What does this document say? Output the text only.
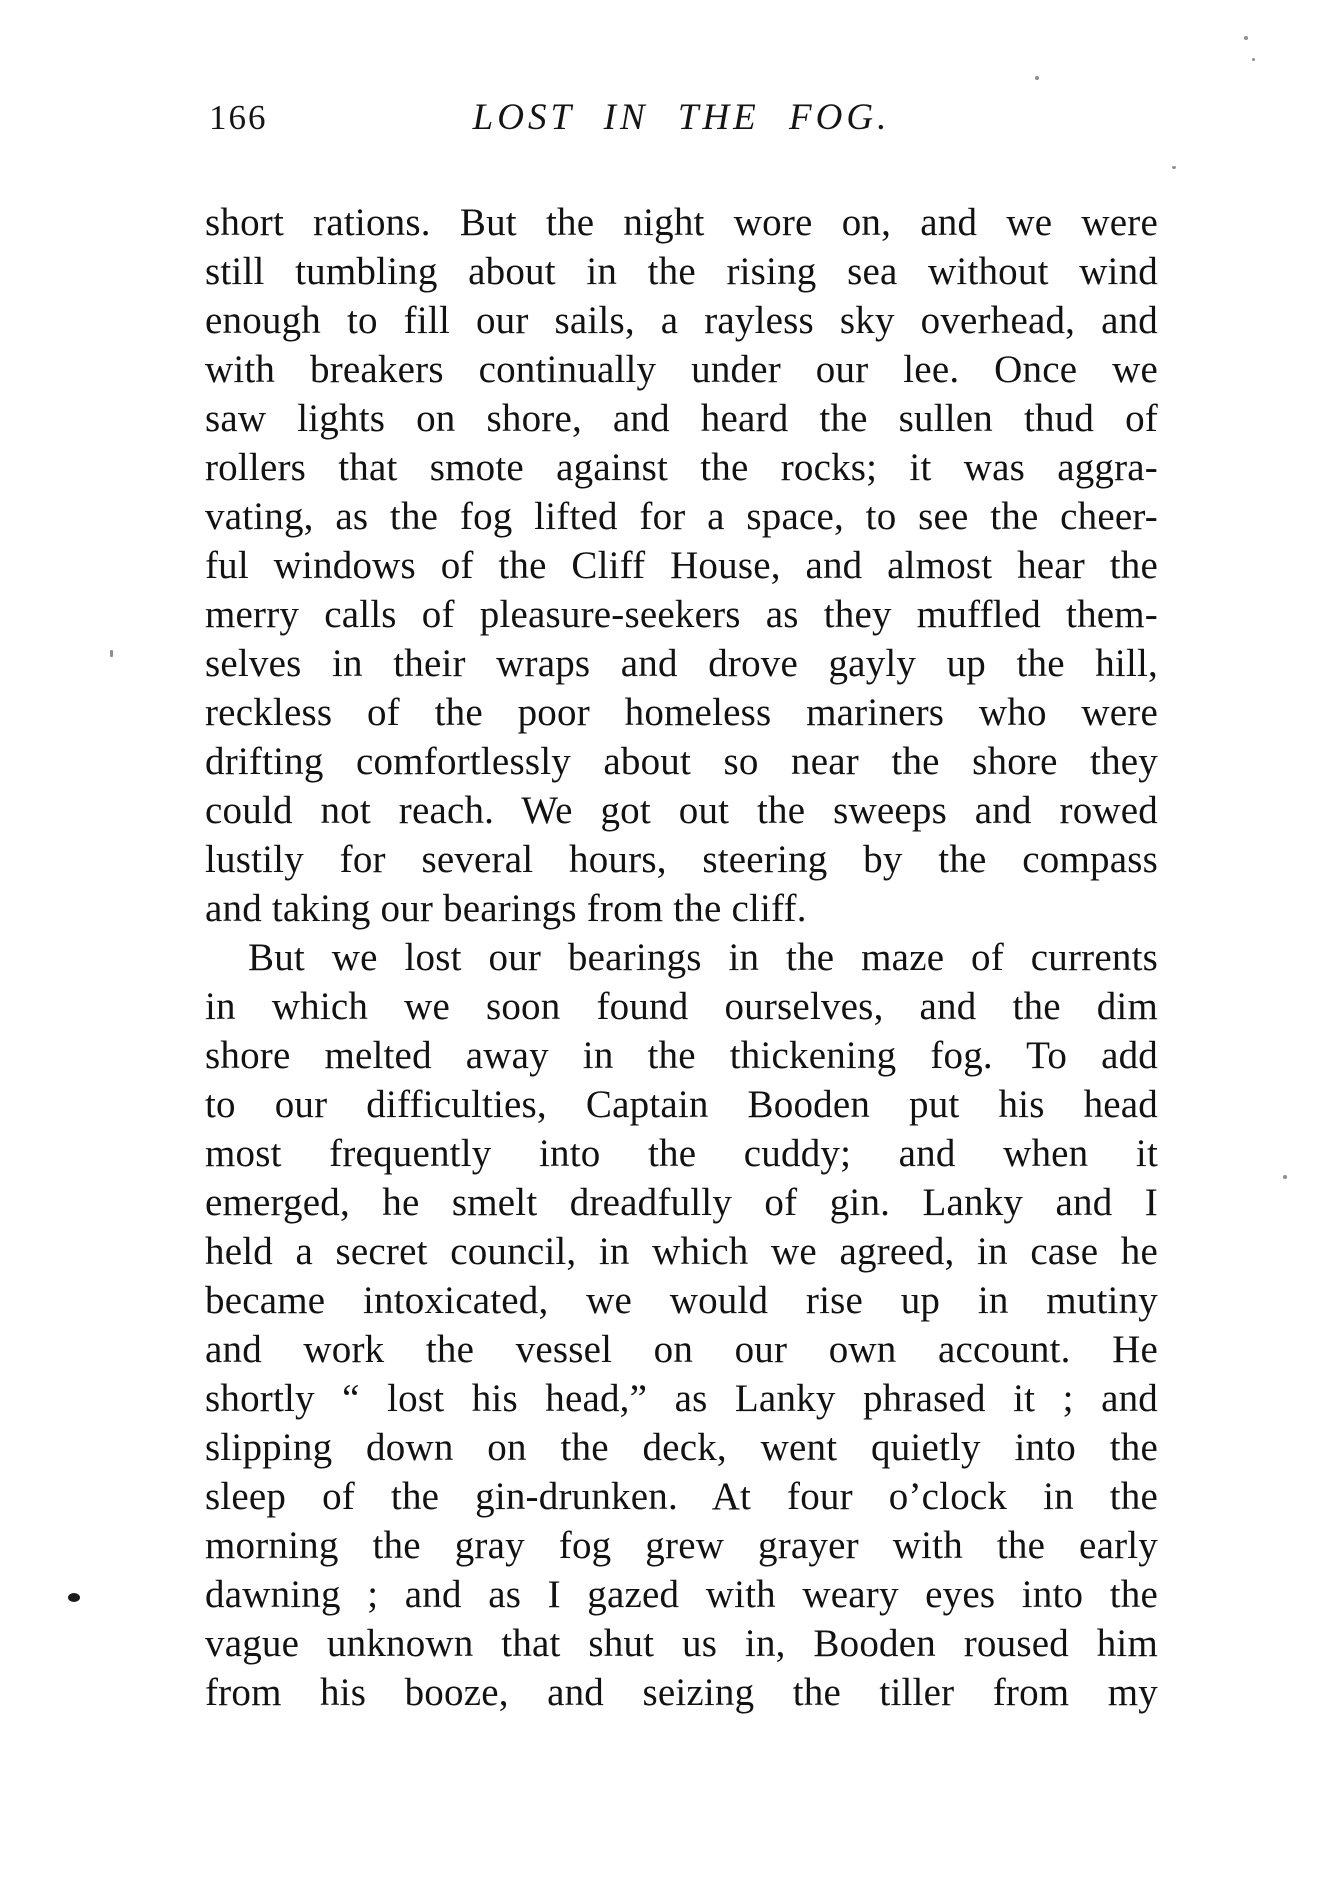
166	LOST IN THE FOG.
short rations. But the night wore on, and we were
still tumbling about in the rising sea without wind
enough to fill our sails, a rayless sky overhead, and
with breakers continually under our lee. Once we
saw lights on shore, and heard the sullen thud of
rollers that smote against the rocks; it was aggra-
vating, as the fog lifted for a space, to see the cheer-
ful windows of the Cliff House, and almost hear the
merry calls of pleasure-seekers as they muffled them-
selves in their wraps and drove gayly up the hill,
reckless of the poor homeless mariners who were
drifting comfortlessly about so near the shore they
could not reach. We got out the sweeps and rowed
lustily for several hours, steering by the compass
and taking our bearings from the cliff.
But we lost our bearings in the maze of currents
in which we soon found ourselves, and the dim
shore melted away in the thickening fog. To add
to our difficulties, Captain Booden put his head
most frequently into the cuddy; and when it
emerged, he smelt dreadfully of gin. Lanky and I
held a secret council, in which we agreed, in case he
became intoxicated, we would rise up in mutiny
and work the vessel on our own account. He
shortly “ lost his head,” as Lanky phrased it ; and
slipping down on the deck, went quietly into the
sleep of the gin-drunken. At four o’clock in the
morning the gray fog grew grayer with the early
dawning ; and as I gazed with weary eyes into the
vague unknown that shut us in, Booden roused him
from his booze, and seizing the tiller from my
